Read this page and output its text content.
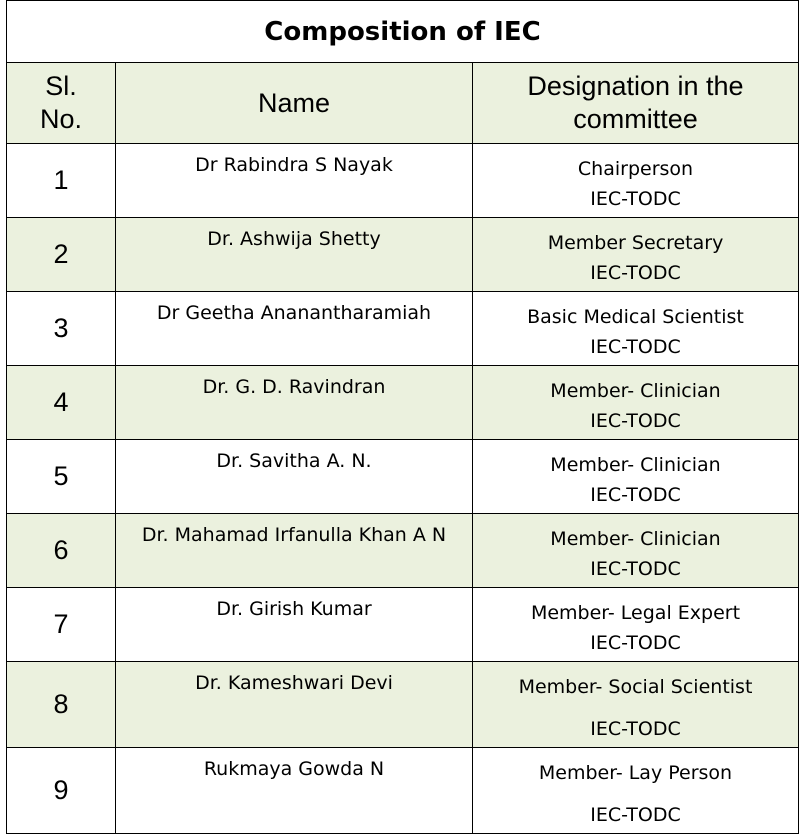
Composition of IEC		
Sl.
No.	Name	Designation in the
committee
1	Dr Rabindra S Nayak	Chairperson
IEC-TODC

2	Dr. Ashwija Shetty	Member Secretary
IEC-TODC

3	Dr Geetha Ananantharamiah	Basic Medical Scientist
IEC-TODC

4	Dr. G. D. Ravindran	Member- Clinician
IEC-TODC

5	Dr. Savitha A. N.	Member- Clinician
IEC-TODC

6	Dr. Mahamad Irfanulla Khan A N	Member- Clinician
IEC-TODC

7	Dr. Girish Kumar	Member- Legal Expert
IEC-TODC

8	Dr. Kameshwari Devi	Member- Social Scientist
IEC-TODC

9	Rukmaya Gowda N	Member- Lay Person
IEC-TODC
